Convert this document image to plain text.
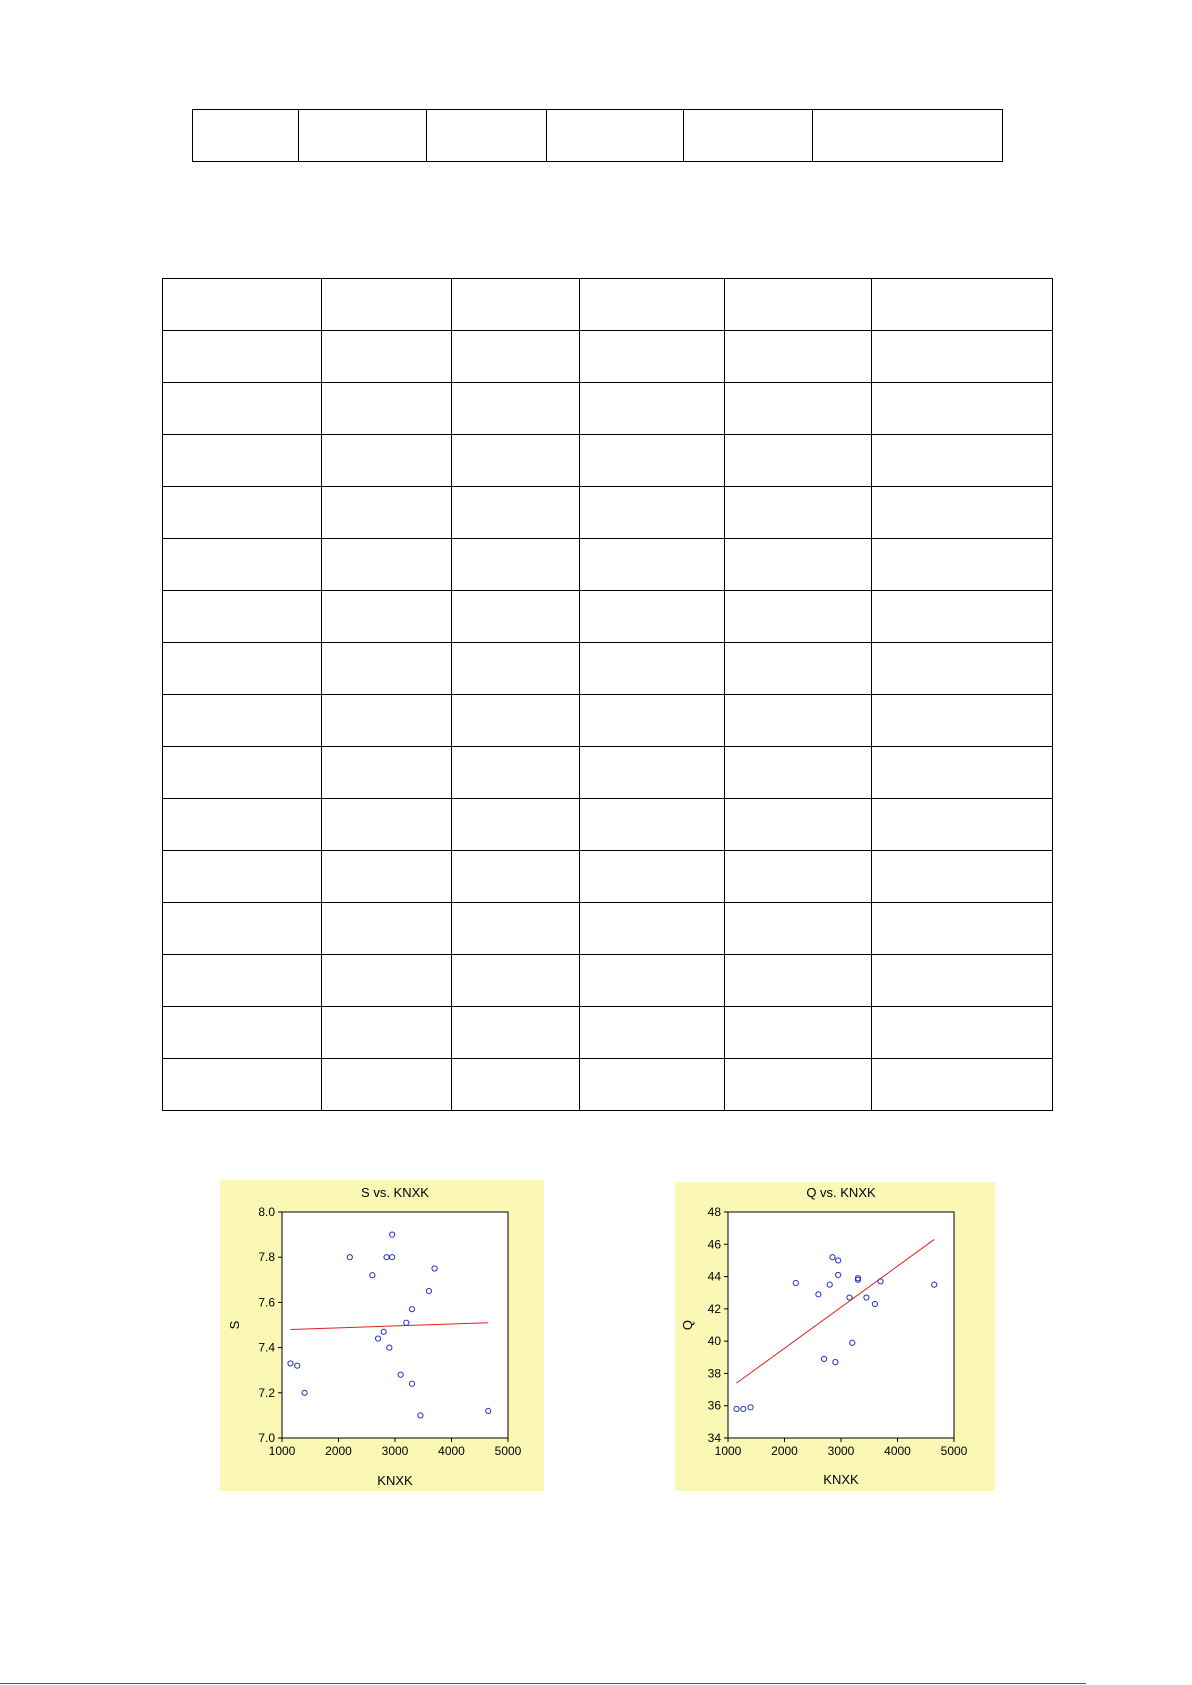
S vs. KNXK
KNXK
S
1000 2000 3000 4000 5000
7.0
7.2
7.4
7.6
7.8
8.0
Q vs. KNXK
KNXK
Q
1000 2000 3000 4000 5000
34
36
38
40
42
44
46
48
